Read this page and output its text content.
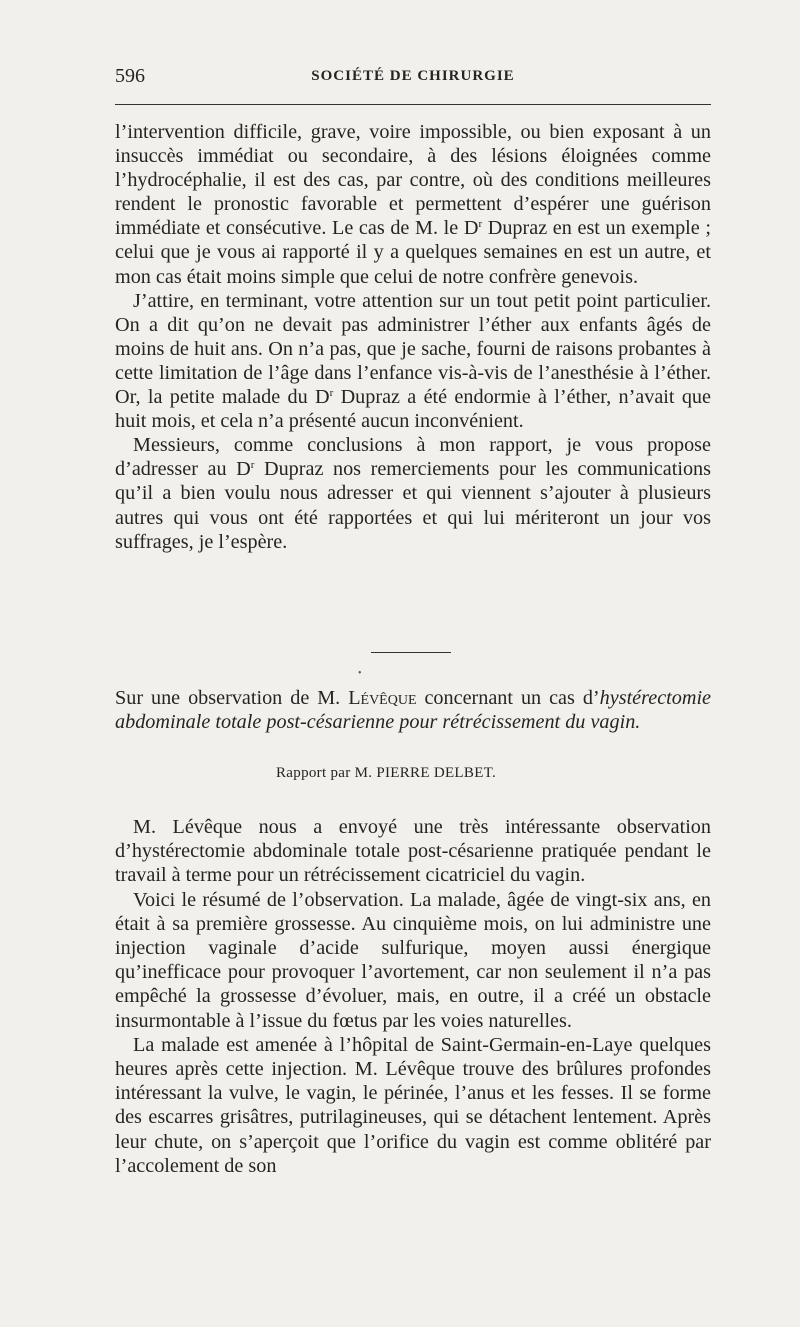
596	SOCIÉTÉ DE CHIRURGIE

l’intervention difficile, grave, voire impossible, ou bien exposant à un insuccès immédiat ou secondaire, à des lésions éloignées comme l’hydrocéphalie, il est des cas, par contre, où des conditions meilleures rendent le pronostic favorable et permettent d’espérer une guérison immédiate et consécutive. Le cas de M. le $D^r$ Dupraz en est un exemple ; celui que je vous ai rapporté il y a quelques semaines en est un autre, et mon cas était moins simple que celui de notre confrère genevois.

J’attire, en terminant, votre attention sur un tout petit point particulier. On a dit qu’on ne devait pas administrer l’éther aux enfants âgés de moins de huit ans. On n’a pas, que je sache, fourni de raisons probantes à cette limitation de l’âge dans l’enfance vis-à-vis de l’anesthésie à l’éther. Or, la petite malade du $D^r$ Dupraz a été endormie à l’éther, n’avait que huit mois, et cela n’a présenté aucun inconvénient.

Messieurs, comme conclusions à mon rapport, je vous propose d’adresser au $D^r$ Dupraz nos remerciements pour les communications qu’il a bien voulu nous adresser et qui viennent s’ajouter à plusieurs autres qui vous ont été rapportées et qui lui mériteront un jour vos suffrages, je l’espère.

•
Sur une observation de M. Lévêque concernant un cas d’hystérectomie abdominale totale post-césarienne pour rétrécissement du vagin.
Rapport par M. PIERRE DELBET.

M. Lévêque nous a envoyé une très intéressante observation d’hystérectomie abdominale totale post-césarienne pratiquée pendant le travail à terme pour un rétrécissement cicatriciel du vagin.

Voici le résumé de l’observation. La malade, âgée de vingt-six ans, en était à sa première grossesse. Au cinquième mois, on lui administre une injection vaginale d’acide sulfurique, moyen aussi énergique qu’inefficace pour provoquer l’avortement, car non seulement il n’a pas empêché la grossesse d’évoluer, mais, en outre, il a créé un obstacle insurmontable à l’issue du fœtus par les voies naturelles.

La malade est amenée à l’hôpital de Saint-Germain-en-Laye quelques heures après cette injection. M. Lévêque trouve des brûlures profondes intéressant la vulve, le vagin, le périnée, l’anus et les fesses. Il se forme des escarres grisâtres, putrilagineuses, qui se détachent lentement. Après leur chute, on s’aperçoit que l’orifice du vagin est comme oblitéré par l’accolement de son
